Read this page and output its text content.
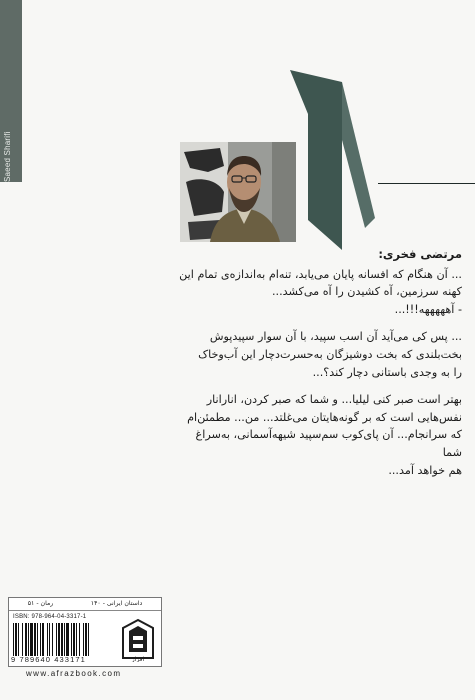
Saeed Sharifi
مرتضی فخری:

... آن هنگام که افسانه پایان می‌یابد، تنه‌ام به‌اندازه‌ی تمام این

کهنه سرزمین، آه کشیدن را آه می‌کشد...

- آهههههه!!!...

... پس کی می‌آید آن اسب سپید، با آن سوار سپیدپوش

بخت‌بلندی که بخت دوشیزگان به‌حسرت‌دچار این آب‌وخاک

را به وجدی باستانی دچار کند؟...

بهتر است صبر کنی لیلیا... و شما که صبر کردن، انارانار

نفس‌هایی است که بر گونه‌هایتان می‌غلتد... من... مطمئن‌ام

که سرانجام... آن پای‌کوب سم‌سپید شیهه‌آسمانی، به‌سراغ شما

هم خواهد آمد...

داستان ایرانی - ۱۴۰
رمان - ۵۱
ISBN: 978-964-04-3317-1
9 789640 433171	افراز
www.afrazbook.com
